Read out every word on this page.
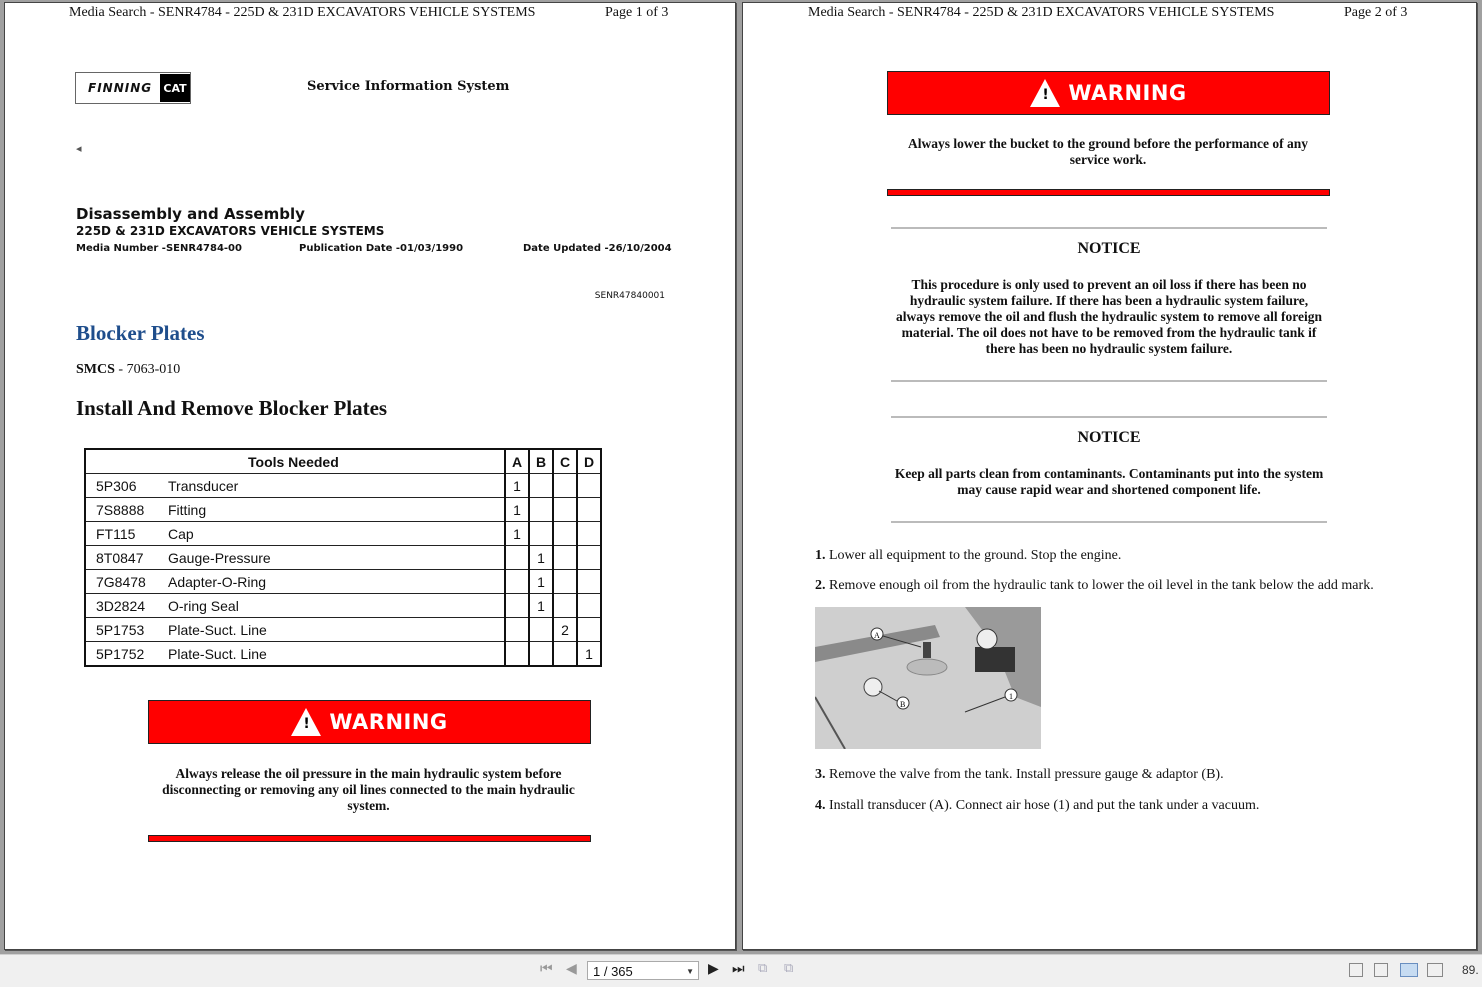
Media Search - SENR4784 - 225D & 231D EXCAVATORS VEHICLE SYSTEMS	Page 1 of 3
FINNING	CAT	Service Information System
◂
Disassembly and Assembly
225D & 231D EXCAVATORS VEHICLE SYSTEMS
Media Number -SENR4784-00	Publication Date -01/03/1990	Date Updated -26/10/2004
SENR47840001
Blocker Plates
SMCS - 7063-010
Install And Remove Blocker Plates
	Tools Needed	A	B	C	D
5P306	Transducer	1			
7S8888	Fitting	1			
FT115	Cap	1			
8T0847	Gauge-Pressure		1		
7G8478	Adapter-O-Ring		1		
3D2824	O-ring Seal		1		
5P1753	Plate-Suct. Line			2	
5P1752	Plate-Suct. Line				1
! WARNING
Always release the oil pressure in the main hydraulic system before disconnecting or removing any oil lines connected to the main hydraulic system.
Media Search - SENR4784 - 225D & 231D EXCAVATORS VEHICLE SYSTEMS	Page 2 of 3
! WARNING
Always lower the bucket to the ground before the performance of any service work.
NOTICE
This procedure is only used to prevent an oil loss if there has been no hydraulic system failure. If there has been a hydraulic system failure, always remove the oil and flush the hydraulic system to remove all foreign material. The oil does not have to be removed from the hydraulic tank if there has been no hydraulic system failure.
NOTICE
Keep all parts clean from contaminants. Contaminants put into the system may cause rapid wear and shortened component life.
1. Lower all equipment to the ground. Stop the engine.
2. Remove enough oil from the hydraulic tank to lower the oil level in the tank below the add mark.
A
B
1
3. Remove the valve from the tank. Install pressure gauge & adaptor (B).
4. Install transducer (A). Connect air hose (1) and put the tank under a vacuum.
⏮ ◀	1 / 365	▼ ▶ ⏭ ⧉ ⧉	89.
